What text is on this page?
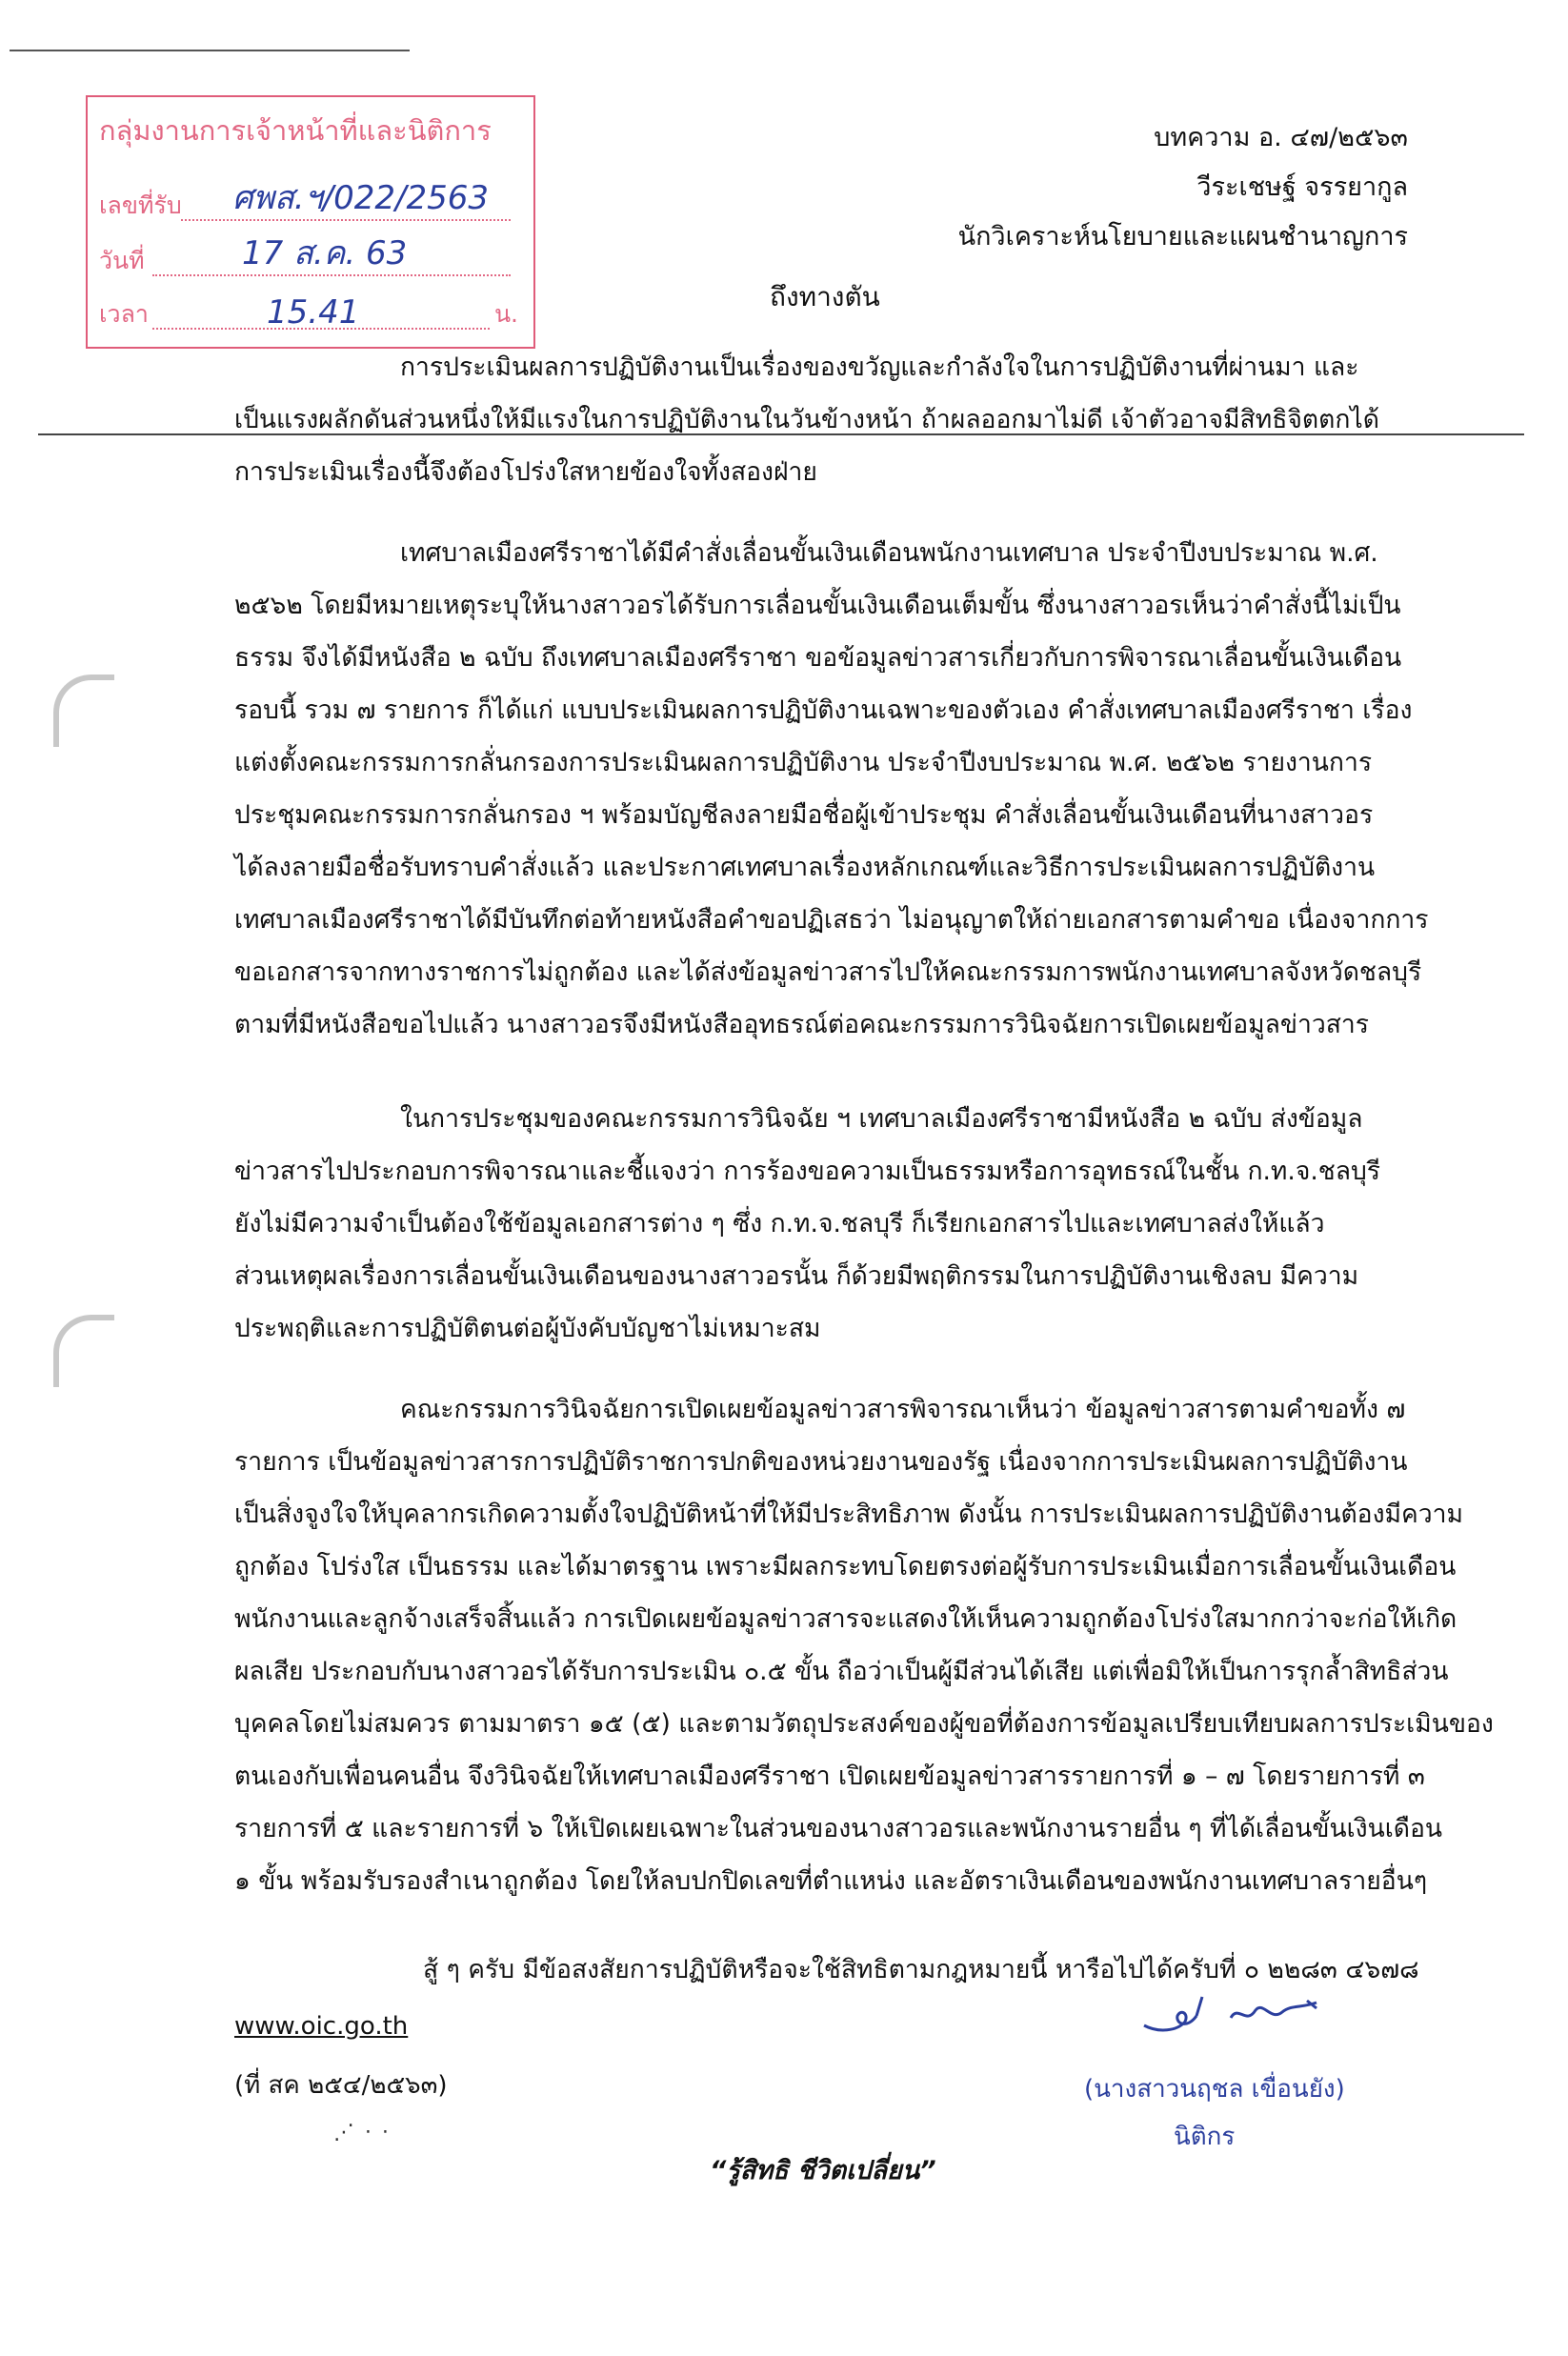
กลุ่มงานการเจ้าหน้าที่และนิติการ
เลขที่รับ ศพส.ฯ/022/2563
วันที่	17 ส.ค. 63
เวลา	15.41	น.
บทความ อ. ๔๗/๒๕๖๓
วีระเชษฐ์ จรรยากูล
นักวิเคราะห์นโยบายและแผนชำนาญการ
ถึงทางตัน
การประเมินผลการปฏิบัติงานเป็นเรื่องของขวัญและกำลังใจในการปฏิบัติงานที่ผ่านมา และ
เป็นแรงผลักดันส่วนหนึ่งให้มีแรงในการปฏิบัติงานในวันข้างหน้า ถ้าผลออกมาไม่ดี เจ้าตัวอาจมีสิทธิจิตตกได้
การประเมินเรื่องนี้จึงต้องโปร่งใสหายข้องใจทั้งสองฝ่าย
เทศบาลเมืองศรีราชาได้มีคำสั่งเลื่อนขั้นเงินเดือนพนักงานเทศบาล ประจำปีงบประมาณ พ.ศ.
๒๕๖๒ โดยมีหมายเหตุระบุให้นางสาวอรได้รับการเลื่อนขั้นเงินเดือนเต็มขั้น ซึ่งนางสาวอรเห็นว่าคำสั่งนี้ไม่เป็น
ธรรม จึงได้มีหนังสือ ๒ ฉบับ ถึงเทศบาลเมืองศรีราชา ขอข้อมูลข่าวสารเกี่ยวกับการพิจารณาเลื่อนขั้นเงินเดือน
รอบนี้ รวม ๗ รายการ ก็ได้แก่ แบบประเมินผลการปฏิบัติงานเฉพาะของตัวเอง คำสั่งเทศบาลเมืองศรีราชา เรื่อง
แต่งตั้งคณะกรรมการกลั่นกรองการประเมินผลการปฏิบัติงาน ประจำปีงบประมาณ พ.ศ. ๒๕๖๒ รายงานการ
ประชุมคณะกรรมการกลั่นกรอง ฯ พร้อมบัญชีลงลายมือชื่อผู้เข้าประชุม คำสั่งเลื่อนขั้นเงินเดือนที่นางสาวอร
ได้ลงลายมือชื่อรับทราบคำสั่งแล้ว และประกาศเทศบาลเรื่องหลักเกณฑ์และวิธีการประเมินผลการปฏิบัติงาน
เทศบาลเมืองศรีราชาได้มีบันทึกต่อท้ายหนังสือคำขอปฏิเสธว่า ไม่อนุญาตให้ถ่ายเอกสารตามคำขอ เนื่องจากการ
ขอเอกสารจากทางราชการไม่ถูกต้อง และได้ส่งข้อมูลข่าวสารไปให้คณะกรรมการพนักงานเทศบาลจังหวัดชลบุรี
ตามที่มีหนังสือขอไปแล้ว นางสาวอรจึงมีหนังสืออุทธรณ์ต่อคณะกรรมการวินิจฉัยการเปิดเผยข้อมูลข่าวสาร
ในการประชุมของคณะกรรมการวินิจฉัย ฯ เทศบาลเมืองศรีราชามีหนังสือ ๒ ฉบับ ส่งข้อมูล
ข่าวสารไปประกอบการพิจารณาและชี้แจงว่า การร้องขอความเป็นธรรมหรือการอุทธรณ์ในชั้น ก.ท.จ.ชลบุรี
ยังไม่มีความจำเป็นต้องใช้ข้อมูลเอกสารต่าง ๆ ซึ่ง ก.ท.จ.ชลบุรี ก็เรียกเอกสารไปและเทศบาลส่งให้แล้ว
ส่วนเหตุผลเรื่องการเลื่อนขั้นเงินเดือนของนางสาวอรนั้น ก็ด้วยมีพฤติกรรมในการปฏิบัติงานเชิงลบ มีความ
ประพฤติและการปฏิบัติตนต่อผู้บังคับบัญชาไม่เหมาะสม
คณะกรรมการวินิจฉัยการเปิดเผยข้อมูลข่าวสารพิจารณาเห็นว่า ข้อมูลข่าวสารตามคำขอทั้ง ๗
รายการ เป็นข้อมูลข่าวสารการปฏิบัติราชการปกติของหน่วยงานของรัฐ เนื่องจากการประเมินผลการปฏิบัติงาน
เป็นสิ่งจูงใจให้บุคลากรเกิดความตั้งใจปฏิบัติหน้าที่ให้มีประสิทธิภาพ ดังนั้น การประเมินผลการปฏิบัติงานต้องมีความ
ถูกต้อง โปร่งใส เป็นธรรม และได้มาตรฐาน เพราะมีผลกระทบโดยตรงต่อผู้รับการประเมินเมื่อการเลื่อนขั้นเงินเดือน
พนักงานและลูกจ้างเสร็จสิ้นแล้ว การเปิดเผยข้อมูลข่าวสารจะแสดงให้เห็นความถูกต้องโปร่งใสมากกว่าจะก่อให้เกิด
ผลเสีย ประกอบกับนางสาวอรได้รับการประเมิน ๐.๕ ขั้น ถือว่าเป็นผู้มีส่วนได้เสีย แต่เพื่อมิให้เป็นการรุกล้ำสิทธิส่วน
บุคคลโดยไม่สมควร ตามมาตรา ๑๕ (๕) และตามวัตถุประสงค์ของผู้ขอที่ต้องการข้อมูลเปรียบเทียบผลการประเมินของ
ตนเองกับเพื่อนคนอื่น จึงวินิจฉัยให้เทศบาลเมืองศรีราชา เปิดเผยข้อมูลข่าวสารรายการที่ ๑ – ๗ โดยรายการที่ ๓
รายการที่ ๕ และรายการที่ ๖ ให้เปิดเผยเฉพาะในส่วนของนางสาวอรและพนักงานรายอื่น ๆ ที่ได้เลื่อนขั้นเงินเดือน
๑ ขั้น พร้อมรับรองสำเนาถูกต้อง โดยให้ลบปกปิดเลขที่ตำแหน่ง และอัตราเงินเดือนของพนักงานเทศบาลรายอื่นๆ
สู้ ๆ ครับ มีข้อสงสัยการปฏิบัติหรือจะใช้สิทธิตามกฎหมายนี้ หารือไปได้ครับที่ ๐ ๒๒๘๓ ๔๖๗๘
www.oic.go.th
(ที่ สค ๒๕๔/๒๕๖๓)
⋰ ⋅ ⋅
(นางสาวนฤชล เขื่อนยัง)
นิติกร
“รู้สิทธิ ชีวิตเปลี่ยน”
